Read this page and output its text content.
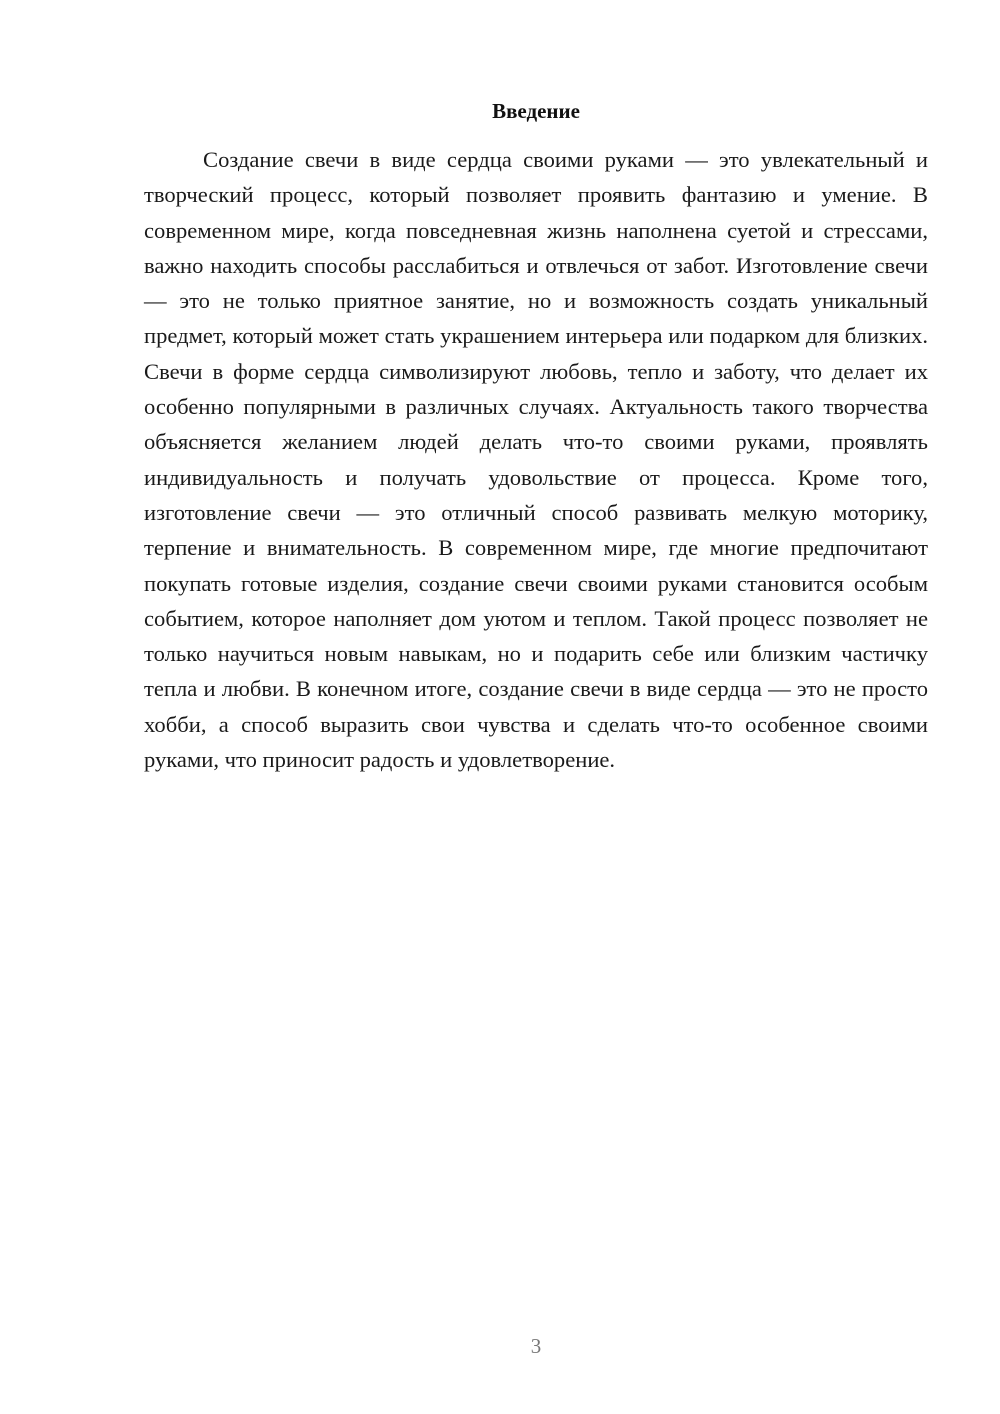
Введение

Создание свечи в виде сердца своими руками — это увлекательный и творческий процесс, который позволяет проявить фантазию и умение. В современном мире, когда повседневная жизнь наполнена суетой и стрессами, важно находить способы расслабиться и отвлечься от забот. Изготовление свечи — это не только приятное занятие, но и возможность создать уникальный предмет, который может стать украшением интерьера или подарком для близких. Свечи в форме сердца символизируют любовь, тепло и заботу, что делает их особенно популярными в различных случаях. Актуальность такого творчества объясняется желанием людей делать что-то своими руками, проявлять индивидуальность и получать удовольствие от процесса. Кроме того, изготовление свечи — это отличный способ развивать мелкую моторику, терпение и внимательность. В современном мире, где многие предпочитают покупать готовые изделия, создание свечи своими руками становится особым событием, которое наполняет дом уютом и теплом. Такой процесс позволяет не только научиться новым навыкам, но и подарить себе или близким частичку тепла и любви. В конечном итоге, создание свечи в виде сердца — это не просто хобби, а способ выразить свои чувства и сделать что-то особенное своими руками, что приносит радость и удовлетворение.

3
